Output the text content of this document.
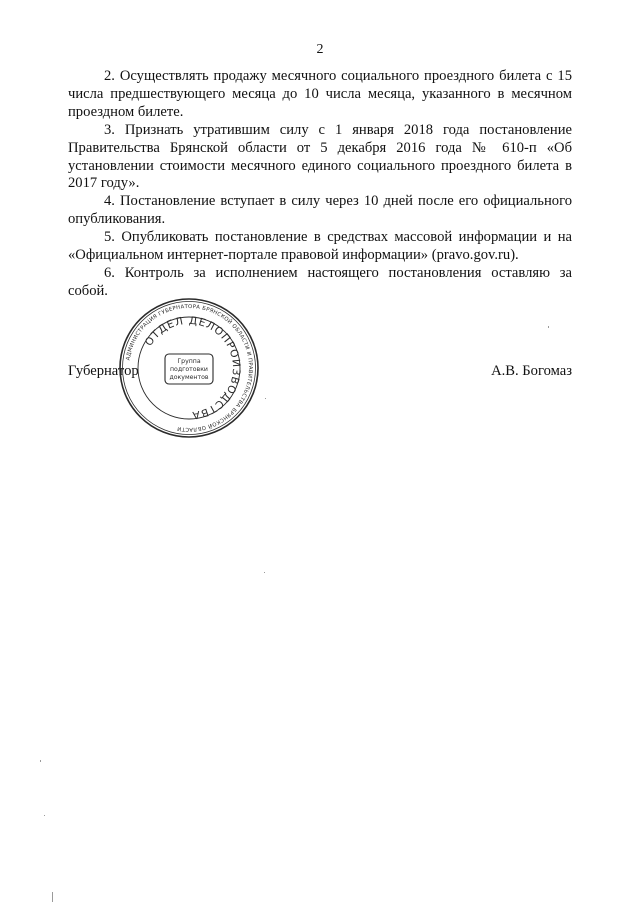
2

2. Осуществлять продажу месячного социального проездного билета с 15 числа предшествующего месяца до 10 числа месяца, указанного в месячном проездном билете.

3. Признать утратившим силу с 1 января 2018 года постановление Правительства Брянской области от 5 декабря 2016 года № 610-п «Об установлении стоимости месячного единого социального проездного билета в 2017 году».

4. Постановление вступает в силу через 10 дней после его официального опубликования.

5. Опубликовать постановление в средствах массовой информации и на «Официальном интернет-портале правовой информации» (pravo.gov.ru).

6. Контроль за исполнением настоящего постановления оставляю за собой.

Губернатор	А.В. Богомаз
АДМИНИСТРАЦИЯ ГУБЕРНАТОРА БРЯНСКОЙ ОБЛАСТИ И ПРАВИТЕЛЬСТВА БРЯНСКОЙ ОБЛАСТИ
ОТДЕЛ ДЕЛОПРОИЗВОДСТВА
Группа
подготовки
документов
